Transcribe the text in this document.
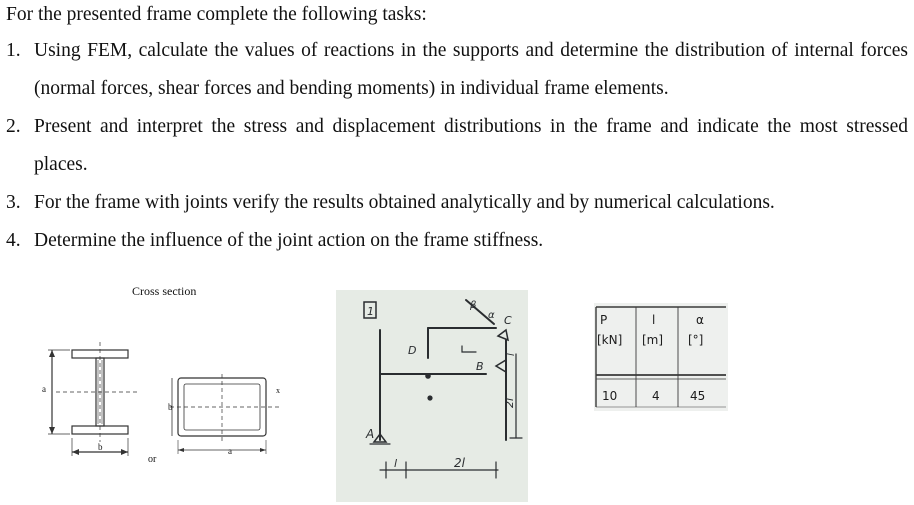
For the presented frame complete the following tasks:
1. Using FEM, calculate the values of reactions in the supports and determine the distribution of internal forces (normal forces, shear forces and bending moments) in individual frame elements.
2. Present and interpret the stress and displacement distributions in the frame and indicate the most stressed places.
3. For the frame with joints verify the results obtained analytically and by numerical calculations.
4. Determine the influence of the joint action on the frame stiffness.
Cross section
a
b
or
b
a
x
1
A
B
C
D
α
β
l	2l
2l
l
P	l	α
[kN] [m] [°]
10	4	45
